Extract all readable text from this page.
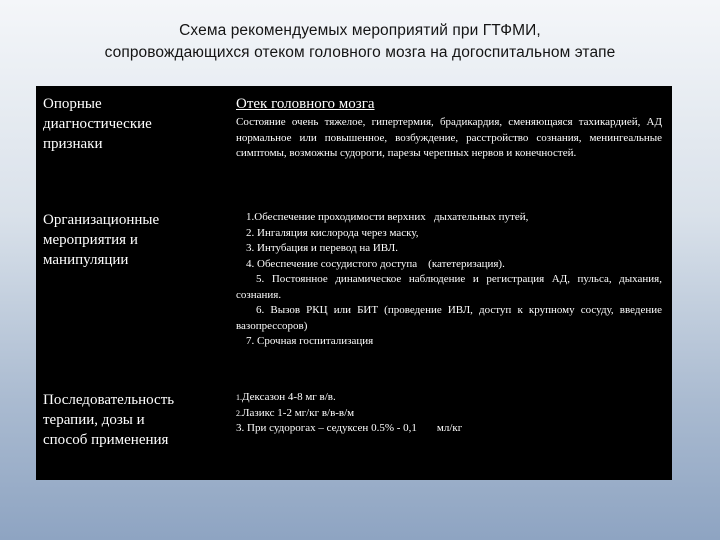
Схема рекомендуемых мероприятий при ГТФМИ,
сопровождающихся отеком головного мозга на догоспитальном этапе
Опорные
диагностические
признаки
Отек головного мозга
Состояние очень тяжелое, гипертермия, брадикардия, сменяющаяся тахикардией, АД нормальное или повышенное, возбуждение, расстройство сознания, менингеальные симптомы, возможны судороги, парезы черепных нервов и конечностей.
Организационные
мероприятия и
манипуляции
1.Обеспечение проходимости верхних   дыхательных путей,
2. Ингаляция кислорода через маску,
3. Интубация и перевод на ИВЛ.
4. Обеспечение сосудистого доступа    (катетеризация).
5. Постоянное динамическое наблюдение и регистрация АД, пульса, дыхания, сознания.
6. Вызов РКЦ или БИТ (проведение ИВЛ, доступ к крупному сосуду, введение вазопрессоров)
7. Срочная госпитализация
Последовательность
терапии, дозы и
способ применения
1.Дексазон 4-8 мг в/в.
2.Лазикс 1-2 мг/кг в/в-в/м
3. При судорогах – седуксен 0.5% - 0,1 мл/кг
